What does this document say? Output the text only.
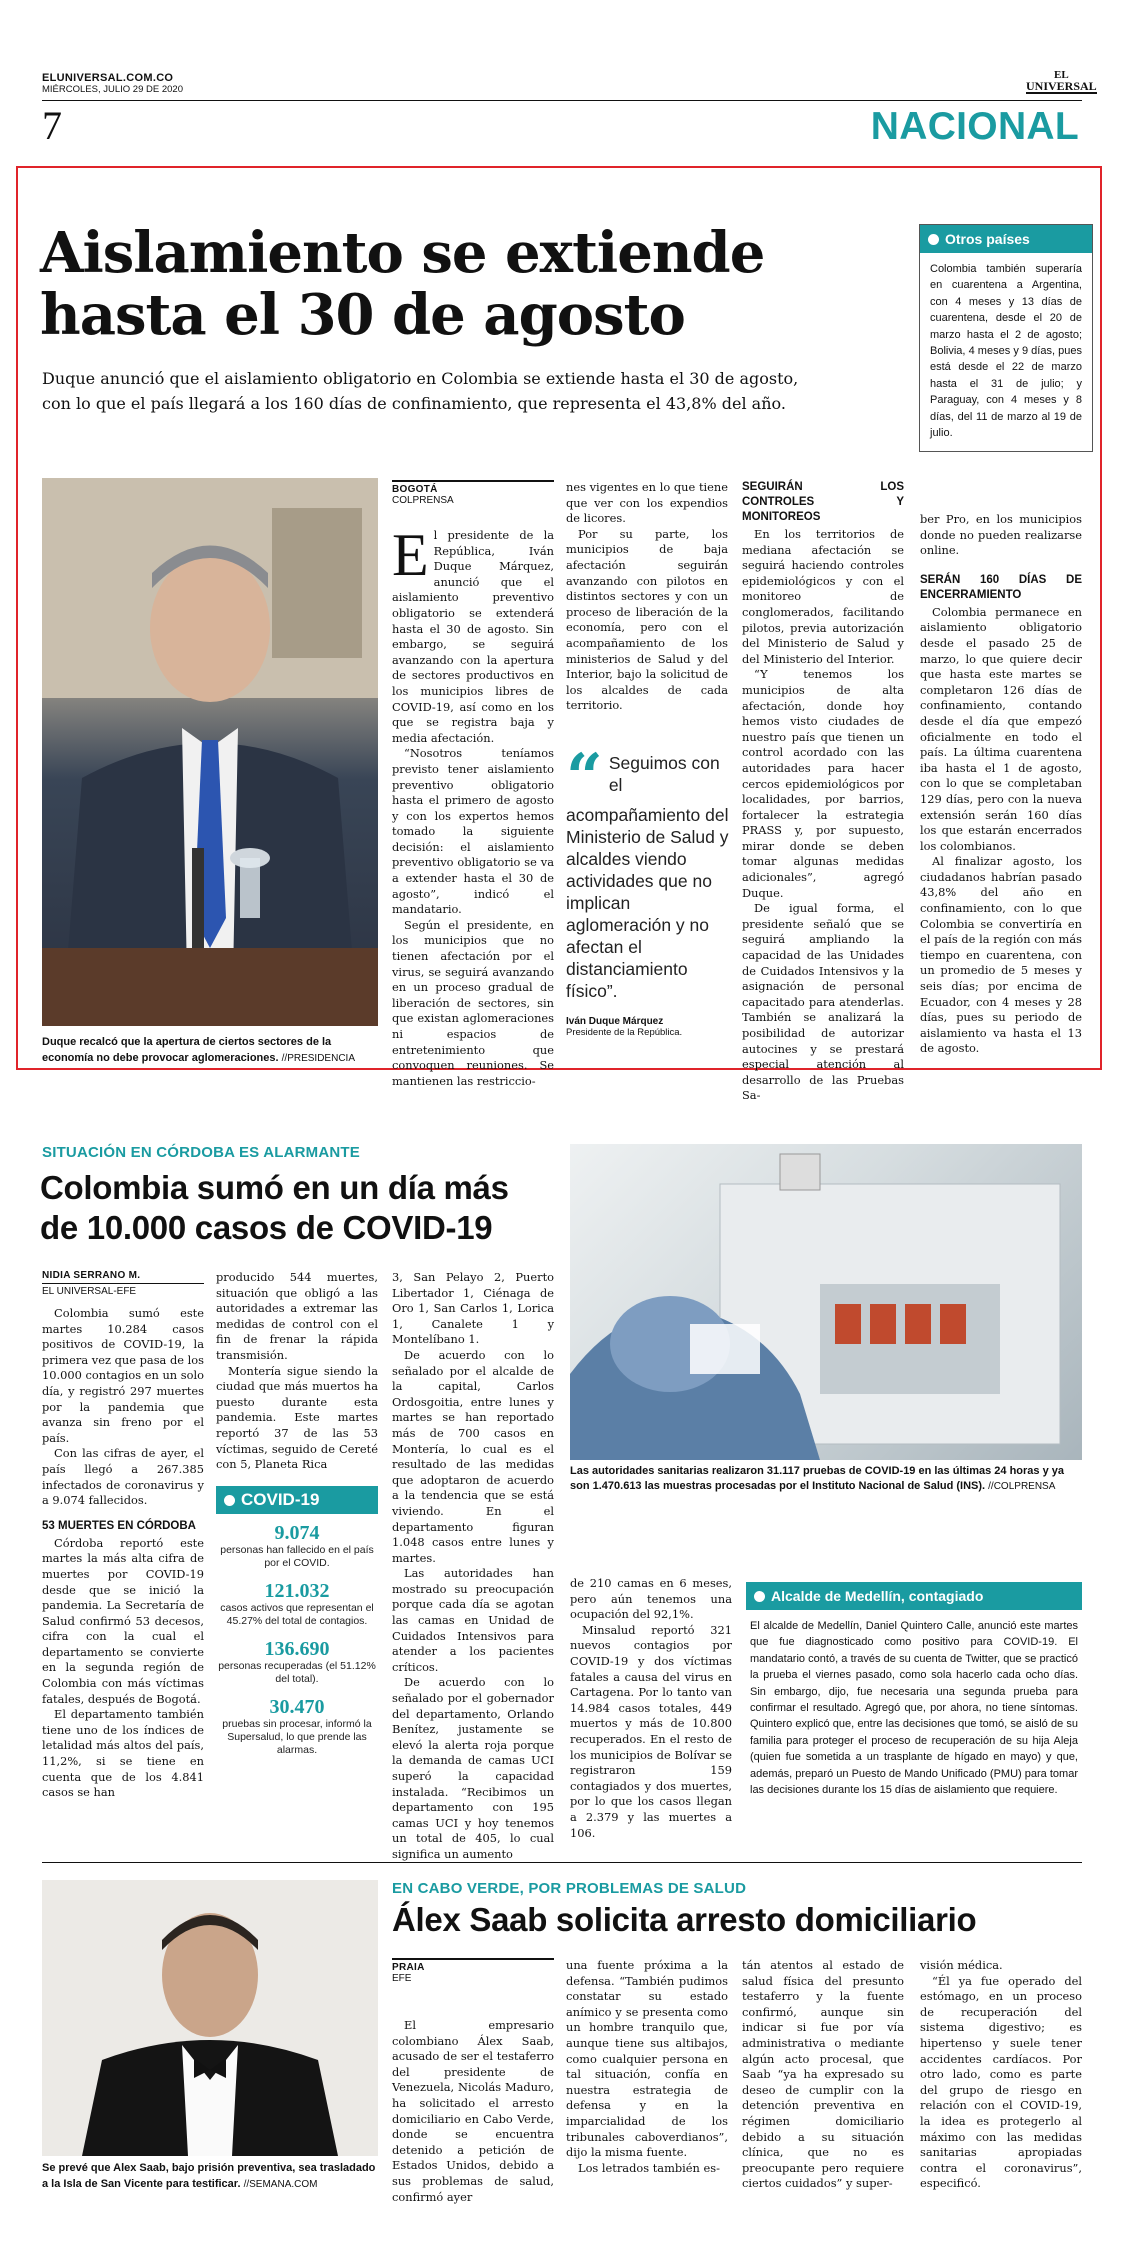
ELUNIVERSAL.COM.CO
MIÉRCOLES, JULIO 29 DE 2020
EL
UNIVERSAL
7	NACIONAL
Aislamiento se extiende
hasta el 30 de agosto
Duque anunció que el aislamiento obligatorio en Colombia se extiende hasta el 30 de agosto,
con lo que el país llegará a los 160 días de confinamiento, que representa el 43,8% del año.
Otros países
Colombia también superaría en cuarentena a Argentina, con 4 meses y 13 días de cuarentena, desde el 20 de marzo hasta el 2 de agosto; Bolivia, 4 meses y 9 días, pues está desde el 22 de marzo hasta el 31 de julio; y Paraguay, con 4 meses y 8 días, del 11 de marzo al 19 de julio.
Duque recalcó que la apertura de ciertos sectores de la economía no debe provocar aglomeraciones. //PRESIDENCIA
BOGOTÁ
COLPRENSA

El presidente de la República, Iván Duque Márquez, anunció que el aislamiento preventivo obligatorio se extenderá hasta el 30 de agosto. Sin embargo, se seguirá avanzando con la apertura de sectores productivos en los municipios libres de COVID-19, así como en los que se registra baja y media afectación.

“Nosotros teníamos previsto tener aislamiento preventivo obligatorio hasta el primero de agosto y con los expertos hemos tomado la siguiente decisión: el aislamiento preventivo obligatorio se va a extender hasta el 30 de agosto”, indicó el mandatario.

Según el presidente, en los municipios que no tienen afectación por el virus, se seguirá avanzando en un proceso gradual de liberación de sectores, sin que existan aglomeraciones ni espacios de entretenimiento que convoquen reuniones. Se mantienen las restriccio-

nes vigentes en lo que tiene que ver con los expendios de licores.

Por su parte, los municipios de baja afectación seguirán avanzando con pilotos en distintos sectores y con un proceso de liberación de la economía, pero con el acompañamiento de los ministerios de Salud y del Interior, bajo la solicitud de los alcaldes de cada territorio.

“ Seguimos con el acompañamiento del Ministerio de Salud y alcaldes viendo actividades que no implican aglomeración y no afectan el distanciamiento físico”.
Iván Duque Márquez
Presidente de la República.
SEGUIRÁN LOS CONTROLES Y MONITOREOS

En los territorios de mediana afectación se seguirá haciendo controles epidemiológicos y con el monitoreo de conglomerados, facilitando pilotos, previa autorización del Ministerio de Salud y del Ministerio del Interior.

“Y tenemos los municipios de alta afectación, donde hoy hemos visto ciudades de nuestro país que tienen un control acordado con las autoridades para hacer cercos epidemiológicos por localidades, por barrios, fortalecer la estrategia PRASS y, por supuesto, mirar donde se deben tomar algunas medidas adicionales”, agregó Duque.

De igual forma, el presidente señaló que se seguirá ampliando la capacidad de las Unidades de Cuidados Intensivos y la asignación de personal capacitado para atenderlas. También se analizará la posibilidad de autorizar autocines y se prestará especial atención al desarrollo de las Pruebas Sa-

ber Pro, en los municipios donde no pueden realizarse online.

SERÁN 160 DÍAS DE ENCERRAMIENTO

Colombia permanece en aislamiento obligatorio desde el pasado 25 de marzo, lo que quiere decir que hasta este martes se completaron 126 días de confinamiento, contando desde el día que empezó oficialmente en todo el país. La última cuarentena iba hasta el 1 de agosto, con lo que se completaban 129 días, pero con la nueva extensión serán 160 días los que estarán encerrados los colombianos.

Al finalizar agosto, los ciudadanos habrían pasado 43,8% del año en confinamiento, con lo que Colombia se convertiría en el país de la región con más tiempo en cuarentena, con un promedio de 5 meses y seis días; por encima de Ecuador, con 4 meses y 28 días, pues su periodo de aislamiento va hasta el 13 de agosto.

SITUACIÓN EN CÓRDOBA ES ALARMANTE
Colombia sumó en un día más
de 10.000 casos de COVID-19
Las autoridades sanitarias realizaron 31.117 pruebas de COVID-19 en las últimas 24 horas y ya son 1.470.613 las muestras procesadas por el Instituto Nacional de Salud (INS). //COLPRENSA
NIDIA SERRANO M.
EL UNIVERSAL-EFE

Colombia sumó este martes 10.284 casos positivos de COVID-19, la primera vez que pasa de los 10.000 contagios en un solo día, y registró 297 muertes por la pandemia que avanza sin freno por el país.

Con las cifras de ayer, el país llegó a 267.385 infectados de coronavirus y a 9.074 fallecidos.

53 MUERTES EN CÓRDOBA

Córdoba reportó este martes la más alta cifra de muertes por COVID-19 desde que se inició la pandemia. La Secretaría de Salud confirmó 53 decesos, cifra con la cual el departamento se convierte en la segunda región de Colombia con más víctimas fatales, después de Bogotá.

El departamento también tiene uno de los índices de letalidad más altos del país, 11,2%, si se tiene en cuenta que de los 4.841 casos se han

producido 544 muertes, situación que obligó a las autoridades a extremar las medidas de control con el fin de frenar la rápida transmisión.

Montería sigue siendo la ciudad que más muertos ha puesto durante esta pandemia. Este martes reportó 37 de las 53 víctimas, seguido de Cereté con 5, Planeta Rica

COVID-19
9.074
personas han fallecido en el país por el COVID.
121.032
casos activos que representan el 45.27% del total de contagios.
136.690
personas recuperadas (el 51.12% del total).
30.470
pruebas sin procesar, informó la Supersalud, lo que prende las alarmas.

3, San Pelayo 2, Puerto Libertador 1, Ciénaga de Oro 1, San Carlos 1, Lorica 1, Canalete 1 y Montelíbano 1.

De acuerdo con lo señalado por el alcalde de la capital, Carlos Ordosgoitia, entre lunes y martes se han reportado más de 700 casos en Montería, lo cual es el resultado de las medidas que adoptaron de acuerdo a la tendencia que se está viviendo. En el departamento figuran 1.048 casos entre lunes y martes.

Las autoridades han mostrado su preocupación porque cada día se agotan las camas en Unidad de Cuidados Intensivos para atender a los pacientes críticos.

De acuerdo con lo señalado por el gobernador del departamento, Orlando Benítez, justamente se elevó la alerta roja porque la demanda de camas UCI superó la capacidad instalada. “Recibimos un departamento con 195 camas UCI y hoy tenemos un total de 405, lo cual significa un aumento

de 210 camas en 6 meses, pero aún tenemos una ocupación del 92,1%.

Minsalud reportó 321 nuevos contagios por COVID-19 y dos víctimas fatales a causa del virus en Cartagena. Por lo tanto van 14.984 casos totales, 449 muertos y más de 10.800 recuperados. En el resto de los municipios de Bolívar se registraron 159 contagiados y dos muertes, por lo que los casos llegan a 2.379 y las muertes a 106.

Alcalde de Medellín, contagiado
El alcalde de Medellín, Daniel Quintero Calle, anunció este martes que fue diagnosticado como positivo para COVID-19. El mandatario contó, a través de su cuenta de Twitter, que se practicó la prueba el viernes pasado, como sola hacerlo cada ocho días. Sin embargo, dijo, fue necesaria una segunda prueba para confirmar el resultado. Agregó que, por ahora, no tiene síntomas. Quintero explicó que, entre las decisiones que tomó, se aisló de su familia para proteger el proceso de recuperación de su hija Aleja (quien fue sometida a un trasplante de hígado en mayo) y que, además, preparó un Puesto de Mando Unificado (PMU) para tomar las decisiones durante los 15 días de aislamiento que requiere.
Se prevé que Alex Saab, bajo prisión preventiva, sea trasladado a la Isla de San Vicente para testificar. //SEMANA.COM
EN CABO VERDE, POR PROBLEMAS DE SALUD
Álex Saab solicita arresto domiciliario
PRAIA
EFE

El empresario colombiano Álex Saab, acusado de ser el testaferro del presidente de Venezuela, Nicolás Maduro, ha solicitado el arresto domiciliario en Cabo Verde, donde se encuentra detenido a petición de Estados Unidos, debido a sus problemas de salud, confirmó ayer

una fuente próxima a la defensa. “También pudimos constatar su estado anímico y se presenta como un hombre tranquilo que, aunque tiene sus altibajos, como cualquier persona en tal situación, confía en nuestra estrategia de defensa y en la imparcialidad de los tribunales caboverdianos”, dijo la misma fuente.

Los letrados también es-

tán atentos al estado de salud física del presunto testaferro y la fuente confirmó, aunque sin indicar si fue por vía administrativa o mediante algún acto procesal, que Saab “ya ha expresado su deseo de cumplir con la detención preventiva en régimen domiciliario debido a su situación clínica, que no es preocupante pero requiere ciertos cuidados” y super-

visión médica.

“Él ya fue operado del estómago, en un proceso de recuperación del sistema digestivo; es hipertenso y suele tener accidentes cardíacos. Por otro lado, como es parte del grupo de riesgo en relación con el COVID-19, la idea es protegerlo al máximo con las medidas sanitarias apropiadas contra el coronavirus”, especificó.
